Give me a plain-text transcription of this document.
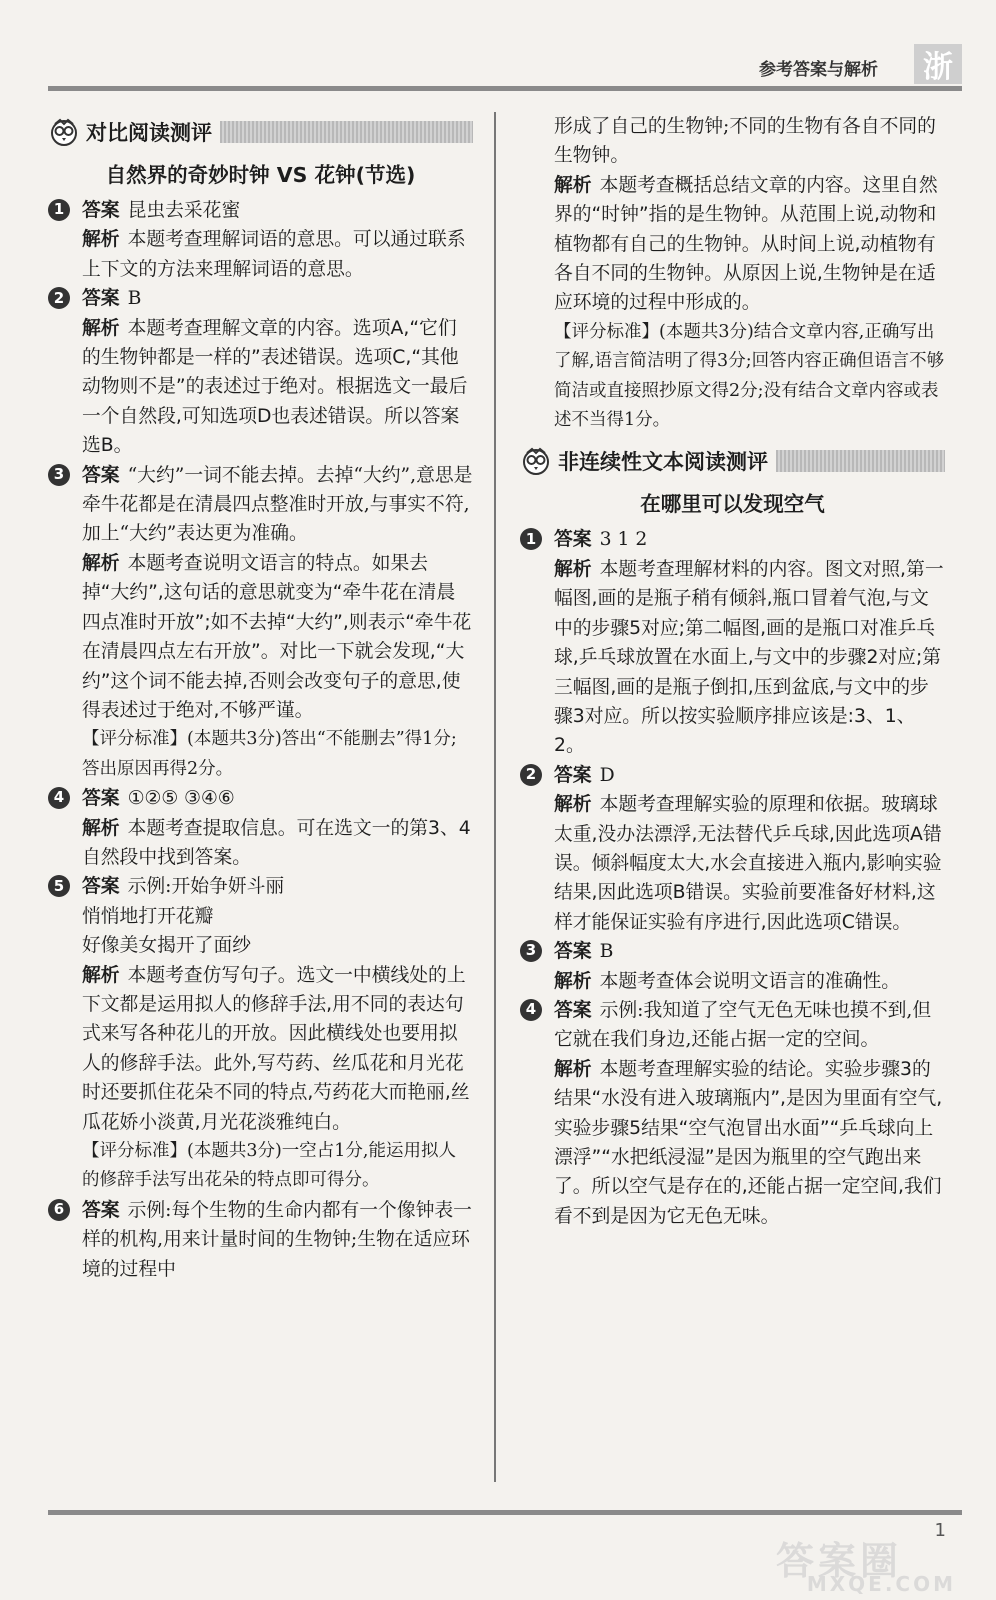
参考答案与解析	浙
对比阅读测评
自然界的奇妙时钟 VS 花钟(节选)
1 答案 昆虫去采花蜜

解析 本题考查理解词语的意思。可以通过联系上下文的方法来理解词语的意思。

2 答案 B

解析 本题考查理解文章的内容。选项A,“它们的生物钟都是一样的”表述错误。选项C,“其他动物则不是”的表述过于绝对。根据选文一最后一个自然段,可知选项D也表述错误。所以答案选B。

3 答案 “大约”一词不能去掉。去掉“大约”,意思是牵牛花都是在清晨四点整准时开放,与事实不符,加上“大约”表达更为准确。

解析 本题考查说明文语言的特点。如果去掉“大约”,这句话的意思就变为“牵牛花在清晨四点准时开放”;如不去掉“大约”,则表示“牵牛花在清晨四点左右开放”。对比一下就会发现,“大约”这个词不能去掉,否则会改变句子的意思,使得表述过于绝对,不够严谨。

【评分标准】(本题共3分)答出“不能删去”得1分;答出原因再得2分。

4 答案 ①②⑤ ③④⑥

解析 本题考查提取信息。可在选文一的第3、4自然段中找到答案。

5 答案 示例:开始争妍斗丽

悄悄地打开花瓣

好像美女揭开了面纱

解析 本题考查仿写句子。选文一中横线处的上下文都是运用拟人的修辞手法,用不同的表达句式来写各种花儿的开放。因此横线处也要用拟人的修辞手法。此外,写芍药、丝瓜花和月光花时还要抓住花朵不同的特点,芍药花大而艳丽,丝瓜花娇小淡黄,月光花淡雅纯白。

【评分标准】(本题共3分)一空占1分,能运用拟人的修辞手法写出花朵的特点即可得分。

6 答案 示例:每个生物的生命内都有一个像钟表一样的机构,用来计量时间的生物钟;生物在适应环境的过程中

形成了自己的生物钟;不同的生物有各自不同的生物钟。

解析 本题考查概括总结文章的内容。这里自然界的“时钟”指的是生物钟。从范围上说,动物和植物都有自己的生物钟。从时间上说,动植物有各自不同的生物钟。从原因上说,生物钟是在适应环境的过程中形成的。

【评分标准】(本题共3分)结合文章内容,正确写出了解,语言简洁明了得3分;回答内容正确但语言不够简洁或直接照抄原文得2分;没有结合文章内容或表述不当得1分。

非连续性文本阅读测评
在哪里可以发现空气
1 答案 3 1 2

解析 本题考查理解材料的内容。图文对照,第一幅图,画的是瓶子稍有倾斜,瓶口冒着气泡,与文中的步骤5对应;第二幅图,画的是瓶口对准乒乓球,乒乓球放置在水面上,与文中的步骤2对应;第三幅图,画的是瓶子倒扣,压到盆底,与文中的步骤3对应。所以按实验顺序排应该是:3、1、2。

2 答案 D

解析 本题考查理解实验的原理和依据。玻璃球太重,没办法漂浮,无法替代乒乓球,因此选项A错误。倾斜幅度太大,水会直接进入瓶内,影响实验结果,因此选项B错误。实验前要准备好材料,这样才能保证实验有序进行,因此选项C错误。

3 答案 B

解析 本题考查体会说明文语言的准确性。

4 答案 示例:我知道了空气无色无味也摸不到,但它就在我们身边,还能占据一定的空间。

解析 本题考查理解实验的结论。实验步骤3的结果“水没有进入玻璃瓶内”,是因为里面有空气,实验步骤5结果“空气泡冒出水面”“乒乓球向上漂浮”“水把纸浸湿”是因为瓶里的空气跑出来了。所以空气是存在的,还能占据一定空间,我们看不到是因为它无色无味。

答案圈
MXQE.COM
1
